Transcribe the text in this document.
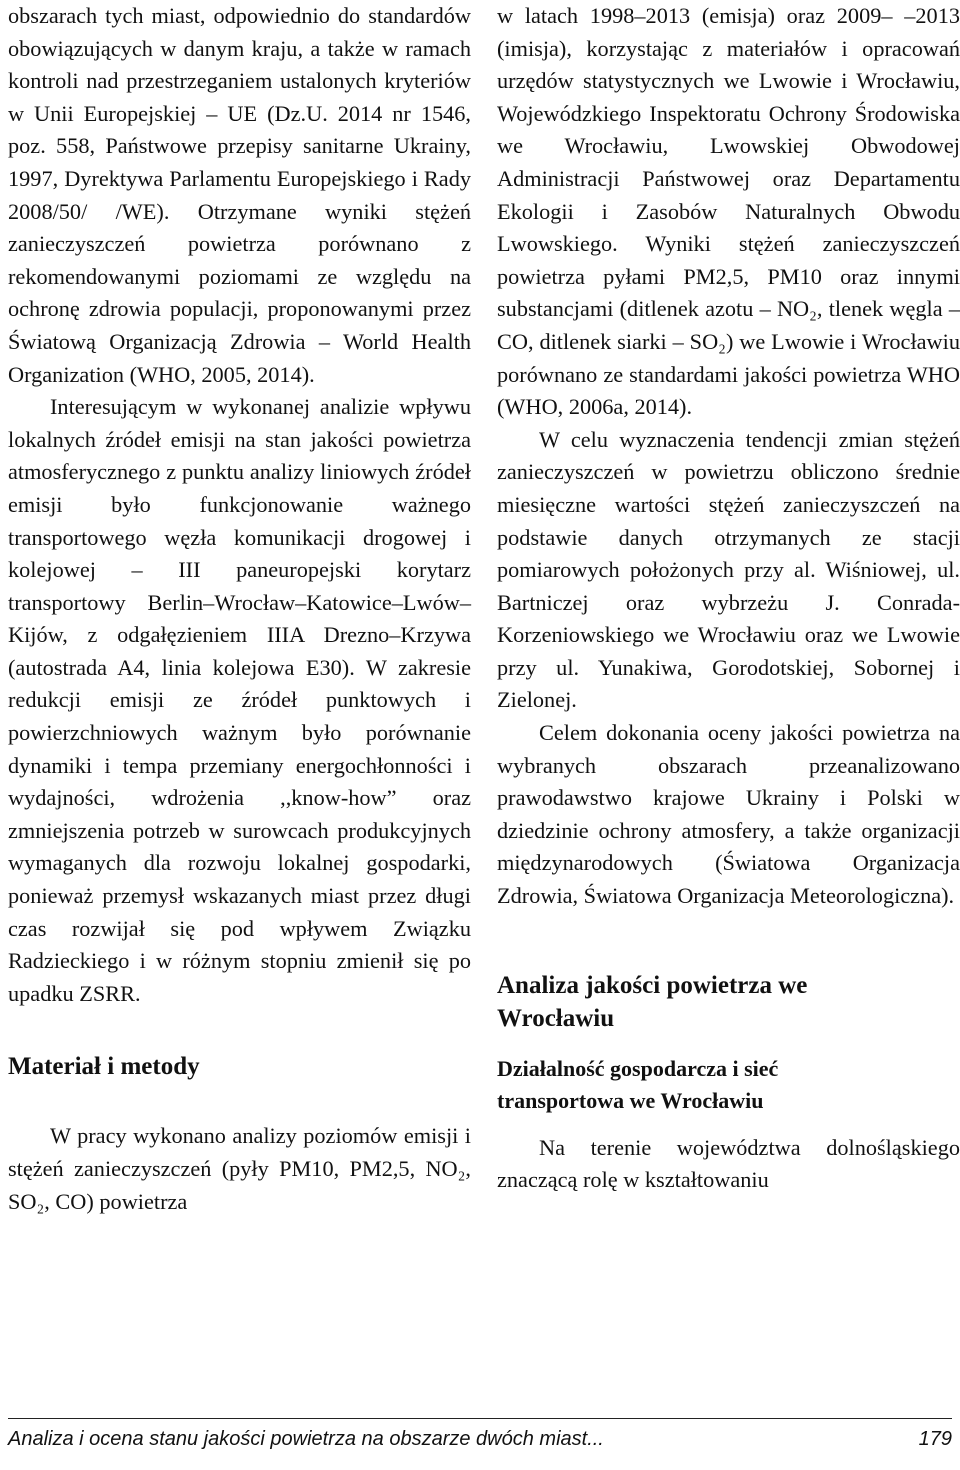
obszarach tych miast, odpowiednio do standardów obowiązujących w danym kraju, a także w ramach kontroli nad przestrzeganiem ustalonych kryteriów w Unii Europejskiej – UE (Dz.U. 2014 nr 1546, poz. 558, Państwowe przepisy sanitarne Ukrainy, 1997, Dyrektywa Parlamentu Europejskiego i Rady 2008/50/ /WE). Otrzymane wyniki stężeń zanieczyszczeń powietrza porównano z rekomendowanymi poziomami ze względu na ochronę zdrowia populacji, proponowanymi przez Światową Organizacją Zdrowia – World Health Organization (WHO, 2005, 2014).

Interesującym w wykonanej analizie wpływu lokalnych źródeł emisji na stan jakości powietrza atmosferycznego z punktu analizy liniowych źródeł emisji było funkcjonowanie ważnego transportowego węzła komunikacji drogowej i kolejowej – III paneuropejski korytarz transportowy Berlin–Wrocław–Katowice–Lwów–Kijów, z odgałęzieniem IIIA Drezno–Krzywa (autostrada A4, linia kolejowa E30). W zakresie redukcji emisji ze źródeł punktowych i powierzchniowych ważnym było porównanie dynamiki i tempa przemiany energochłonności i wydajności, wdrożenia ,,know-how” oraz zmniejszenia potrzeb w surowcach produkcyjnych wymaganych dla rozwoju lokalnej gospodarki, ponieważ przemysł wskazanych miast przez długi czas rozwijał się pod wpływem Związku Radzieckiego i w różnym stopniu zmienił się po upadku ZSRR.

Materiał i metody

W pracy wykonano analizy poziomów emisji i stężeń zanieczyszczeń (pyły PM10, PM2,5, NO₂, SO₂, CO) powietrza

w latach 1998–2013 (emisja) oraz 2009– –2013 (imisja), korzystając z materiałów i opracowań urzędów statystycznych we Lwowie i Wrocławiu, Wojewódzkiego Inspektoratu Ochrony Środowiska we Wrocławiu, Lwowskiej Obwodowej Administracji Państwowej oraz Departamentu Ekologii i Zasobów Naturalnych Obwodu Lwowskiego. Wyniki stężeń zanieczyszczeń powietrza pyłami PM2,5, PM10 oraz innymi substancjami (ditlenek azotu – NO₂, tlenek węgla – CO, ditlenek siarki – SO₂) we Lwowie i Wrocławiu porównano ze standardami jakości powietrza WHO (WHO, 2006a, 2014).

W celu wyznaczenia tendencji zmian stężeń zanieczyszczeń w powietrzu obliczono średnie miesięczne wartości stężeń zanieczyszczeń na podstawie danych otrzymanych ze stacji pomiarowych położonych przy al. Wiśniowej, ul. Bartniczej oraz wybrzeżu J. Conrada-Korzeniowskiego we Wrocławiu oraz we Lwowie przy ul. Yunakiwa, Gorodotskiej, Sobornej i Zielonej.

Celem dokonania oceny jakości powietrza na wybranych obszarach przeanalizowano prawodawstwo krajowe Ukrainy i Polski w dziedzinie ochrony atmosfery, a także organizacji międzynarodowych (Światowa Organizacja Zdrowia, Światowa Organizacja Meteorologiczna).

Analiza jakości powietrza we Wrocławiu
Działalność gospodarcza i sieć transportowa we Wrocławiu

Na terenie województwa dolnośląskiego znaczącą rolę w kształtowaniu

Analiza i ocena stanu jakości powietrza na obszarze dwóch miast...	179
